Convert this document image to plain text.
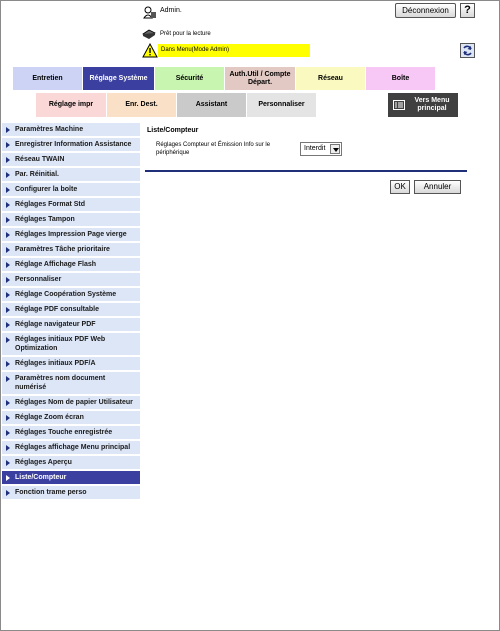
Admin.	Déconnexion	?
Prêt pour la lecture
Dans Menu(Mode Admin)
Entretien	Réglage Système	Sécurité
Auth.Util / Compte Départ.
Réseau	Boîte
Réglage impr	Enr. Dest.	Assistant	Personnaliser
Vers Menu principal
Paramètres Machine
Enregistrer Information Assistance
Réseau TWAIN
Par. Réinitial.
Configurer la boîte
Réglages Format Std
Réglages Tampon
Réglages Impression Page vierge
Paramètres Tâche prioritaire
Réglage Affichage Flash
Personnaliser
Réglage Coopération Système
Réglage PDF consultable
Réglage navigateur PDF
Réglages initiaux PDF Web Optimization
Réglages initiaux PDF/A
Paramètres nom document numérisé
Réglages Nom de papier Utilisateur
Réglage Zoom écran
Réglages Touche enregistrée
Réglages affichage Menu principal
Réglages Aperçu
Liste/Compteur
Fonction trame perso
Liste/Compteur
Réglages Compteur et Émission Info sur le périphérique
Interdit
OK	Annuler
